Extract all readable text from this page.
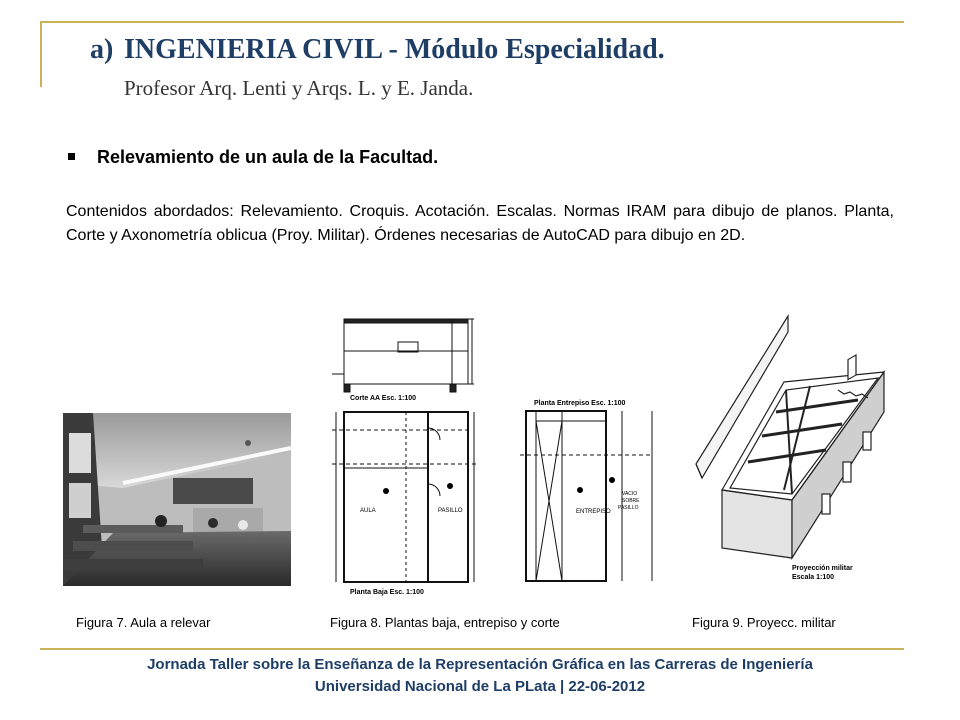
a) INGENIERIA CIVIL - Módulo Especialidad.
Profesor Arq. Lenti y Arqs. L. y E. Janda.
Relevamiento de un aula de la Facultad.
Contenidos abordados: Relevamiento. Croquis. Acotación. Escalas. Normas IRAM para dibujo de planos. Planta, Corte y Axonometría oblicua (Proy. Militar). Órdenes necesarias de AutoCAD para dibujo en 2D.
Corte AA Esc. 1:100
AULA	PASILLO
Planta Baja Esc. 1:100
Planta Entrepiso Esc. 1:100
ENTREPISO
VACIO
SOBRE
PASILLO
Proyección militar
Escala 1:100
Figura 7. Aula a relevar	Figura 8. Plantas baja, entrepiso y corte	Figura 9. Proyecc. militar
Jornada Taller sobre la Enseñanza de la Representación Gráfica en las Carreras de Ingeniería
Universidad Nacional de La PLata | 22-06-2012
